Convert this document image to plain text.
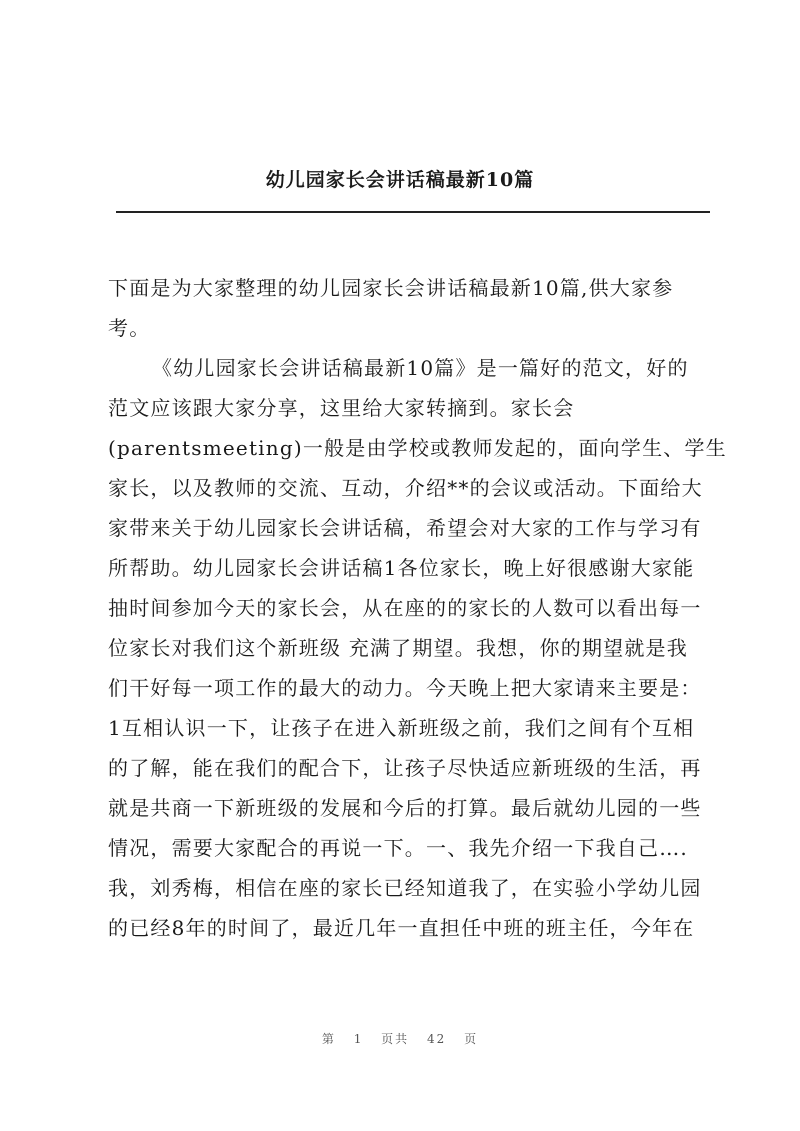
幼儿园家长会讲话稿最新10篇
下面是为大家整理的幼儿园家长会讲话稿最新10篇,供大家参
考。
《幼儿园家长会讲话稿最新10篇》是一篇好的范文，好的
范文应该跟大家分享，这里给大家转摘到。家长会
(parentsmeeting)一般是由学校或教师发起的，面向学生、学生
家长，以及教师的交流、互动，介绍**的会议或活动。下面给大
家带来关于幼儿园家长会讲话稿，希望会对大家的工作与学习有
所帮助。幼儿园家长会讲话稿1各位家长，晚上好很感谢大家能
抽时间参加今天的家长会，从在座的的家长的人数可以看出每一
位家长对我们这个新班级 充满了期望。我想，你的期望就是我
们干好每一项工作的最大的动力。今天晚上把大家请来主要是：
1互相认识一下，让孩子在进入新班级之前，我们之间有个互相
的了解，能在我们的配合下，让孩子尽快适应新班级的生活，再
就是共商一下新班级的发展和今后的打算。最后就幼儿园的一些
情况，需要大家配合的再说一下。一、我先介绍一下我自己….
我，刘秀梅，相信在座的家长已经知道我了，在实验小学幼儿园
的已经8年的时间了，最近几年一直担任中班的班主任，今年在
第 1 页共 42 页
